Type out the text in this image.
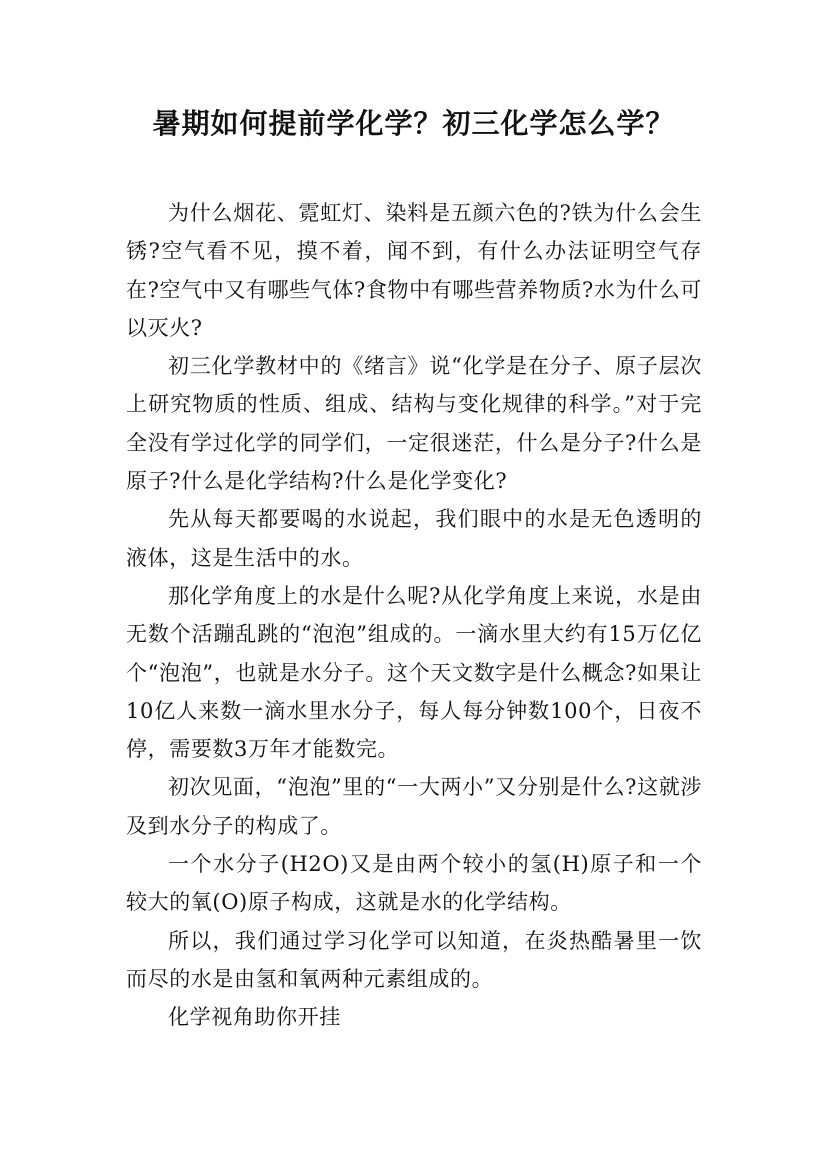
暑期如何提前学化学？初三化学怎么学？

为什么烟花、霓虹灯、染料是五颜六色的?铁为什么会生锈?空气看不见，摸不着，闻不到，有什么办法证明空气存在?空气中又有哪些气体?食物中有哪些营养物质?水为什么可以灭火?

初三化学教材中的《绪言》说“化学是在分子、原子层次上研究物质的性质、组成、结构与变化规律的科学。”对于完全没有学过化学的同学们，一定很迷茫，什么是分子?什么是原子?什么是化学结构?什么是化学变化?

先从每天都要喝的水说起，我们眼中的水是无色透明的液体，这是生活中的水。

那化学角度上的水是什么呢?从化学角度上来说，水是由无数个活蹦乱跳的“泡泡”组成的。一滴水里大约有15万亿亿个“泡泡”，也就是水分子。这个天文数字是什么概念?如果让10亿人来数一滴水里水分子，每人每分钟数100个，日夜不停，需要数3万年才能数完。

初次见面，“泡泡”里的“一大两小”又分别是什么?这就涉及到水分子的构成了。

一个水分子(H2O)又是由两个较小的氢(H)原子和一个较大的氧(O)原子构成，这就是水的化学结构。

所以，我们通过学习化学可以知道，在炎热酷暑里一饮而尽的水是由氢和氧两种元素组成的。

化学视角助你开挂
